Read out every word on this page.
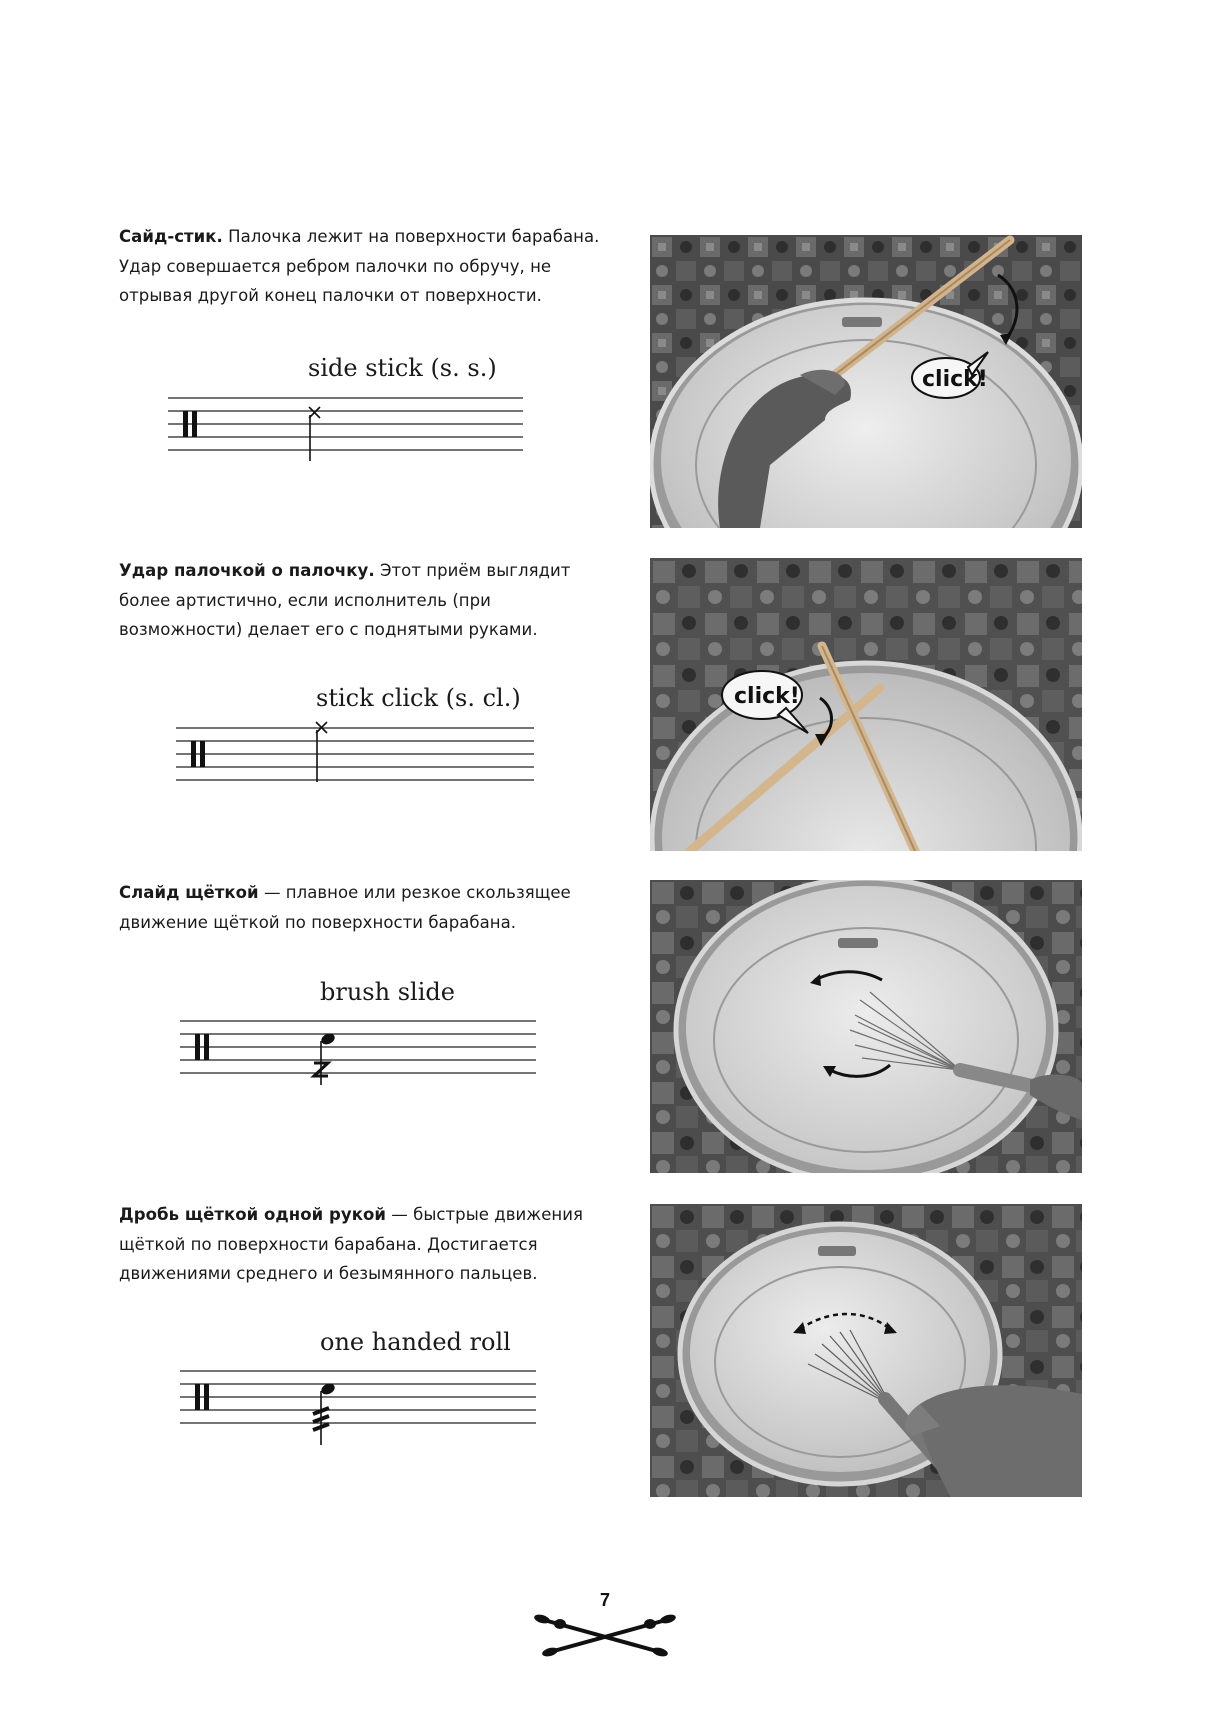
Сайд-стик. Палочка лежит на поверхности барабана. Удар совершается ребром палочки по обручу, не отрывая другой конец палочки от поверхности.

side stick (s. s.)	click!

Удар палочкой о палочку. Этот приём выглядит более артистично, если исполнитель (при возможности) делает его с поднятыми руками.

stick click (s. cl.)	click!

Слайд щёткой — плавное или резкое скользящее движение щёткой по поверхности барабана.

brush slide

Дробь щёткой одной рукой — быстрые движения щёткой по поверхности барабана. Достигается движениями среднего и безымянного пальцев.

one handed roll
7
